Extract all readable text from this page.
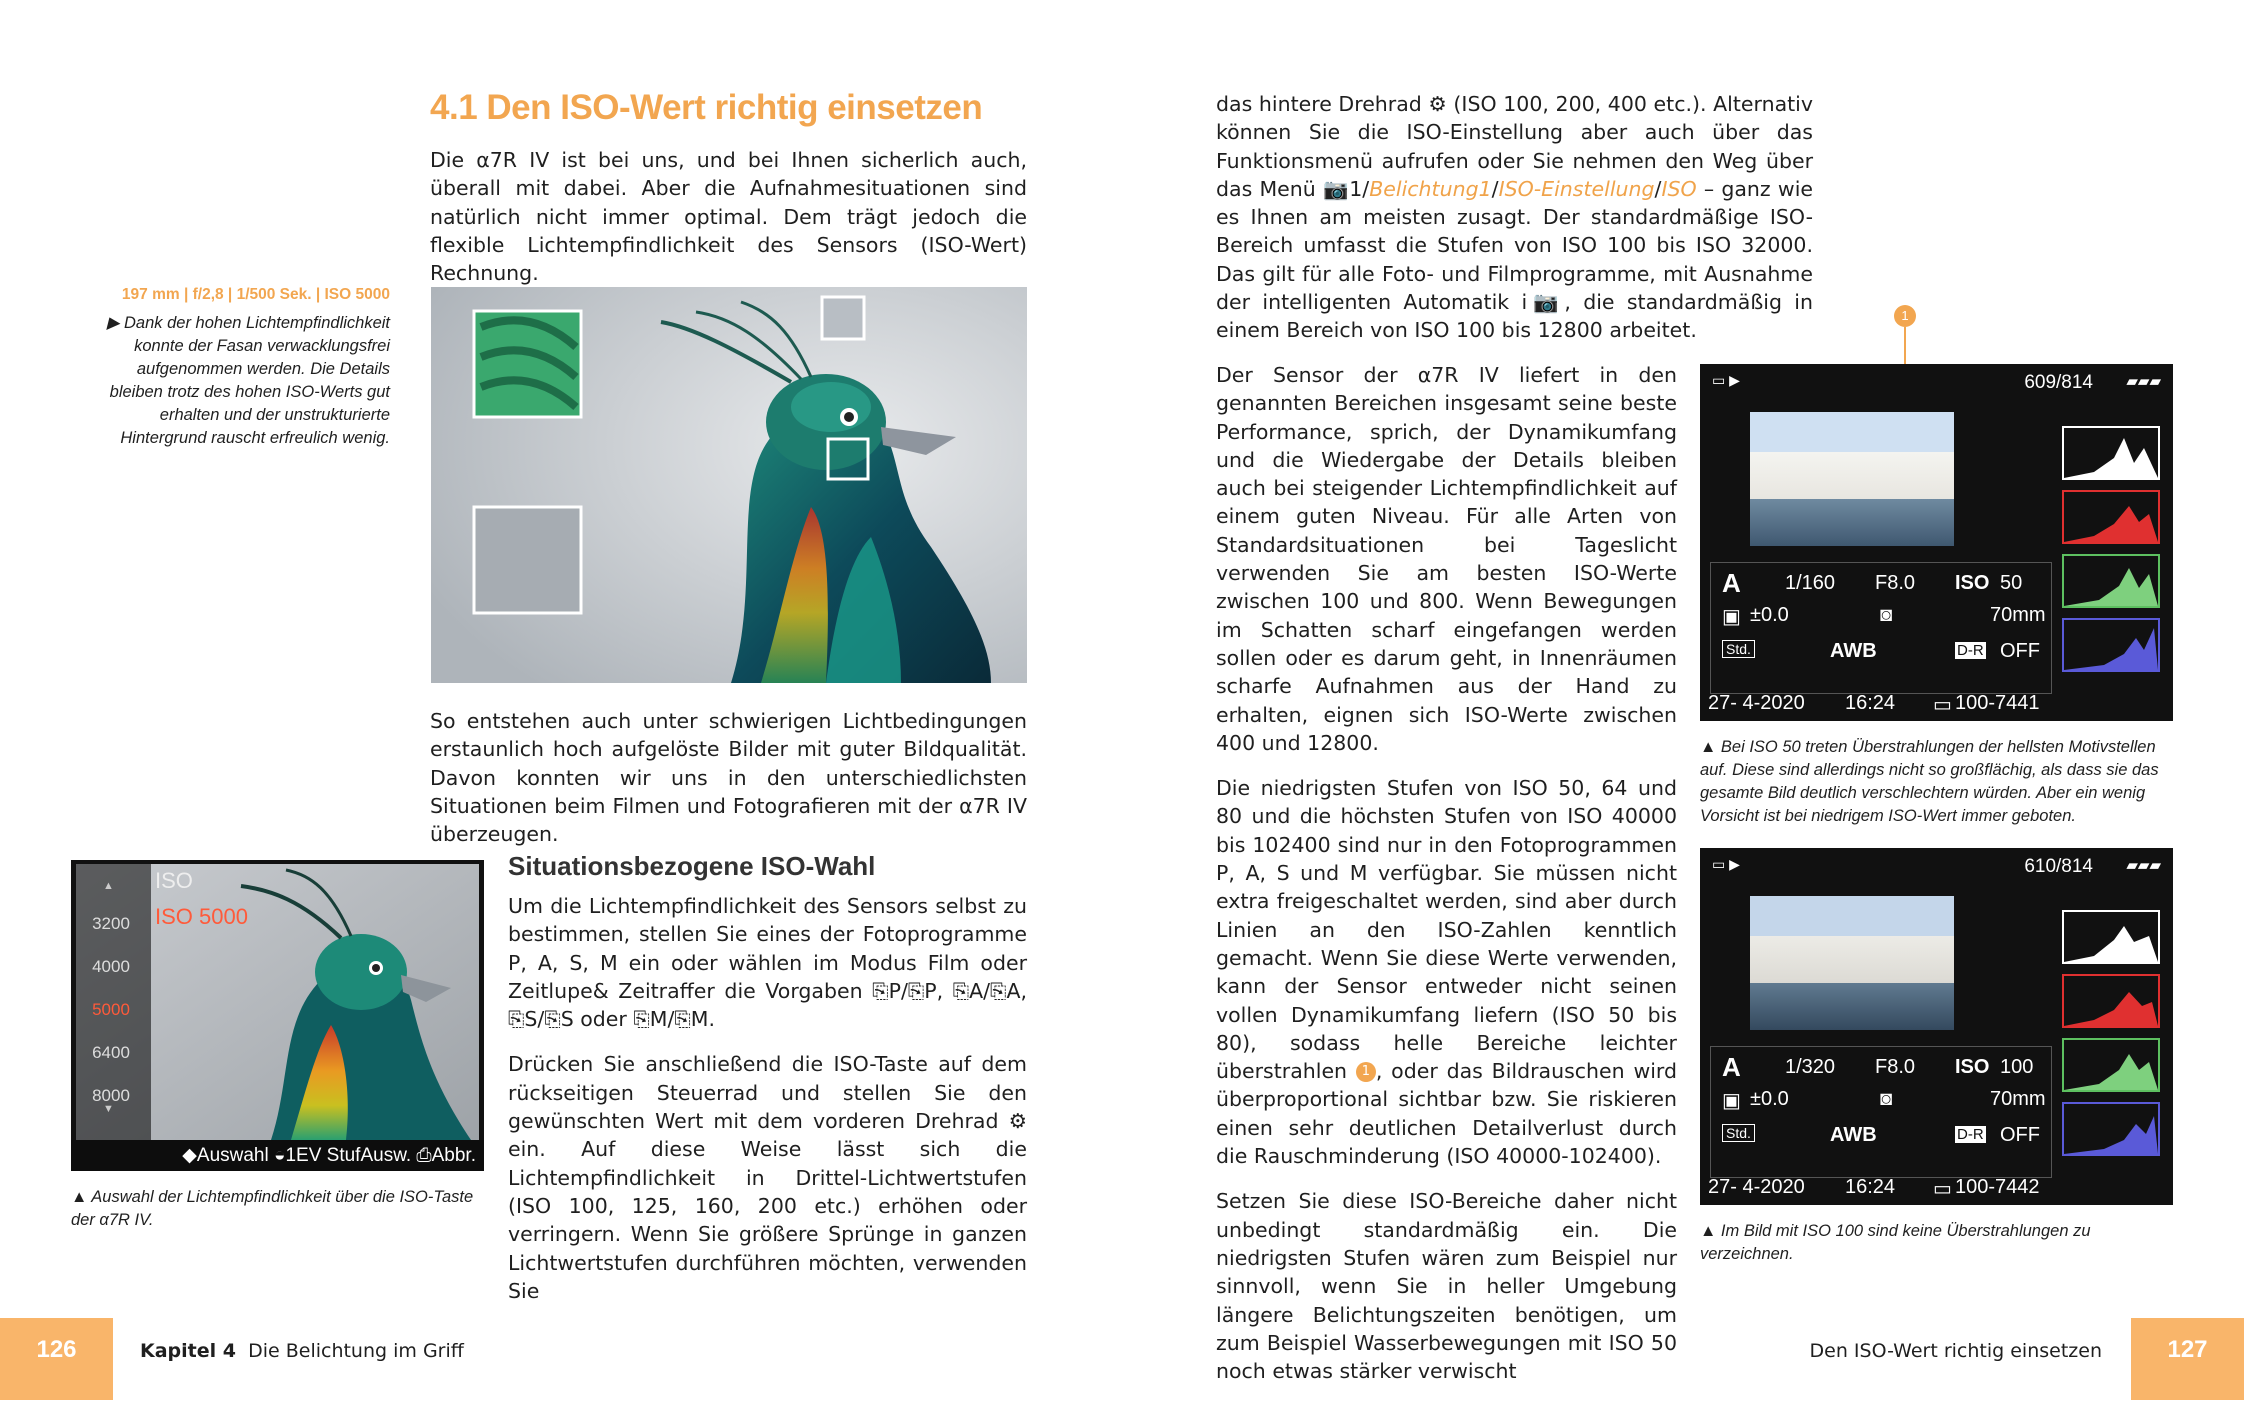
4.1 Den ISO-Wert richtig einsetzen

Die α7R IV ist bei uns, und bei Ihnen sicherlich auch, überall mit dabei. Aber die Aufnahmesituationen sind natürlich nicht immer optimal. Dem trägt jedoch die flexible Lichtempfindlichkeit des Sensors (ISO-Wert) Rechnung.

197 mm | f/2,8 | 1/500 Sek. | ISO 5000
▶ Dank der hohen Lichtempfindlichkeit konnte der Fasan verwacklungsfrei aufgenommen werden. Die Details bleiben trotz des hohen ISO-Werts gut erhalten und der unstrukturierte Hintergrund rauscht erfreulich wenig.

So entstehen auch unter schwierigen Lichtbedingungen erstaunlich hoch aufgelöste Bilder mit guter Bildqualität. Davon konnten wir uns in den unterschiedlichsten Situationen beim Filmen und Fotografieren mit der α7R IV überzeugen.

ISO
ISO 5000
▲
3200
4000
5000
6400
8000
▼
◆Auswahl ◒1EV StufAusw. ⎙Abbr.
▲ Auswahl der Lichtempfindlichkeit über die ISO-Taste der α7R IV.
Situationsbezogene ISO-Wahl

Um die Lichtempfindlichkeit des Sensors selbst zu bestimmen, stellen Sie eines der Fotoprogramme P, A, S, M ein oder wählen im Modus Film oder Zeitlupe& Zeitraffer die Vorgaben ⎘P/⎘P, ⎘A/⎘A, ⎘S/⎘S oder ⎘M/⎘M.

Drücken Sie anschließend die ISO-Taste auf dem rückseitigen Steuerrad und stellen Sie den gewünschten Wert mit dem vorderen Drehrad ⚙ ein. Auf diese Weise lässt sich die Lichtempfindlichkeit in Drittel-Lichtwertstufen (ISO 100, 125, 160, 200 etc.) erhöhen oder verringern. Wenn Sie größere Sprünge in ganzen Lichtwertstufen durchführen möchten, verwenden Sie

das hintere Drehrad ⚙ (ISO 100, 200, 400 etc.). Alternativ können Sie die ISO-Einstellung aber auch über das Funktionsmenü aufrufen oder Sie nehmen den Weg über das Menü 📷1/Belichtung1/ISO-Einstellung/ISO – ganz wie es Ihnen am meisten zusagt. Der standardmäßige ISO-Bereich umfasst die Stufen von ISO 100 bis ISO 32000. Das gilt für alle Foto- und Filmprogramme, mit Ausnahme der intelligenten Automatik i📷, die standardmäßig in einem Bereich von ISO 100 bis 12800 arbeitet.

Der Sensor der α7R IV liefert in den genannten Bereichen insgesamt seine beste Performance, sprich, der Dynamikumfang und die Wiedergabe der Details bleiben auch bei steigender Lichtempfindlichkeit auf einem guten Niveau. Für alle Arten von Standardsituationen bei Tageslicht verwenden Sie am besten ISO-Werte zwischen 100 und 800. Wenn Bewegungen im Schatten scharf eingefangen werden sollen oder es darum geht, in Innenräumen scharfe Aufnahmen aus der Hand zu erhalten, eignen sich ISO-Werte zwischen 400 und 12800.

Die niedrigsten Stufen von ISO 50, 64 und 80 und die höchsten Stufen von ISO 40000 bis 102400 sind nur in den Fotoprogrammen P, A, S und M verfügbar. Sie müssen nicht extra freigeschaltet werden, sind aber durch Linien an den ISO-Zahlen kenntlich gemacht. Wenn Sie diese Werte verwenden, kann der Sensor entweder nicht seinen vollen Dynamikumfang liefern (ISO 50 bis 80), sodass helle Bereiche leichter überstrahlen 1 , oder das Bildrauschen wird überproportional sichtbar bzw. Sie riskieren einen sehr deutlichen Detailverlust durch die Rauschminderung (ISO 40000-102400).

Setzen Sie diese ISO-Bereiche daher nicht unbedingt standardmäßig ein. Die niedrigsten Stufen wären zum Beispiel nur sinnvoll, wenn Sie in heller Umgebung längere Belichtungszeiten benötigen, um zum Beispiel Wasserbewegungen mit ISO 50 noch etwas stärker verwischt

1
▭ ▶	609/814 ▰▰▰
A 1/160 F8.0 ISO 50
▣ ±0.0	◙	70mm
Std.	AWB	D-R OFF
27- 4-2020 16:24 ▭ 100-7441
▲ Bei ISO 50 treten Überstrahlungen der hellsten Motivstellen auf. Diese sind allerdings nicht so großflächig, als dass sie das gesamte Bild deutlich verschlechtern würden. Aber ein wenig Vorsicht ist bei niedrigem ISO-Wert immer geboten.
▭ ▶	610/814 ▰▰▰
A 1/320 F8.0 ISO 100
▣ ±0.0	◙	70mm
Std.	AWB	D-R OFF
27- 4-2020 16:24 ▭ 100-7442
▲ Im Bild mit ISO 100 sind keine Überstrahlungen zu verzeichnen.
126	Kapitel 4 Die Belichtung im Griff	Den ISO-Wert richtig einsetzen	127
